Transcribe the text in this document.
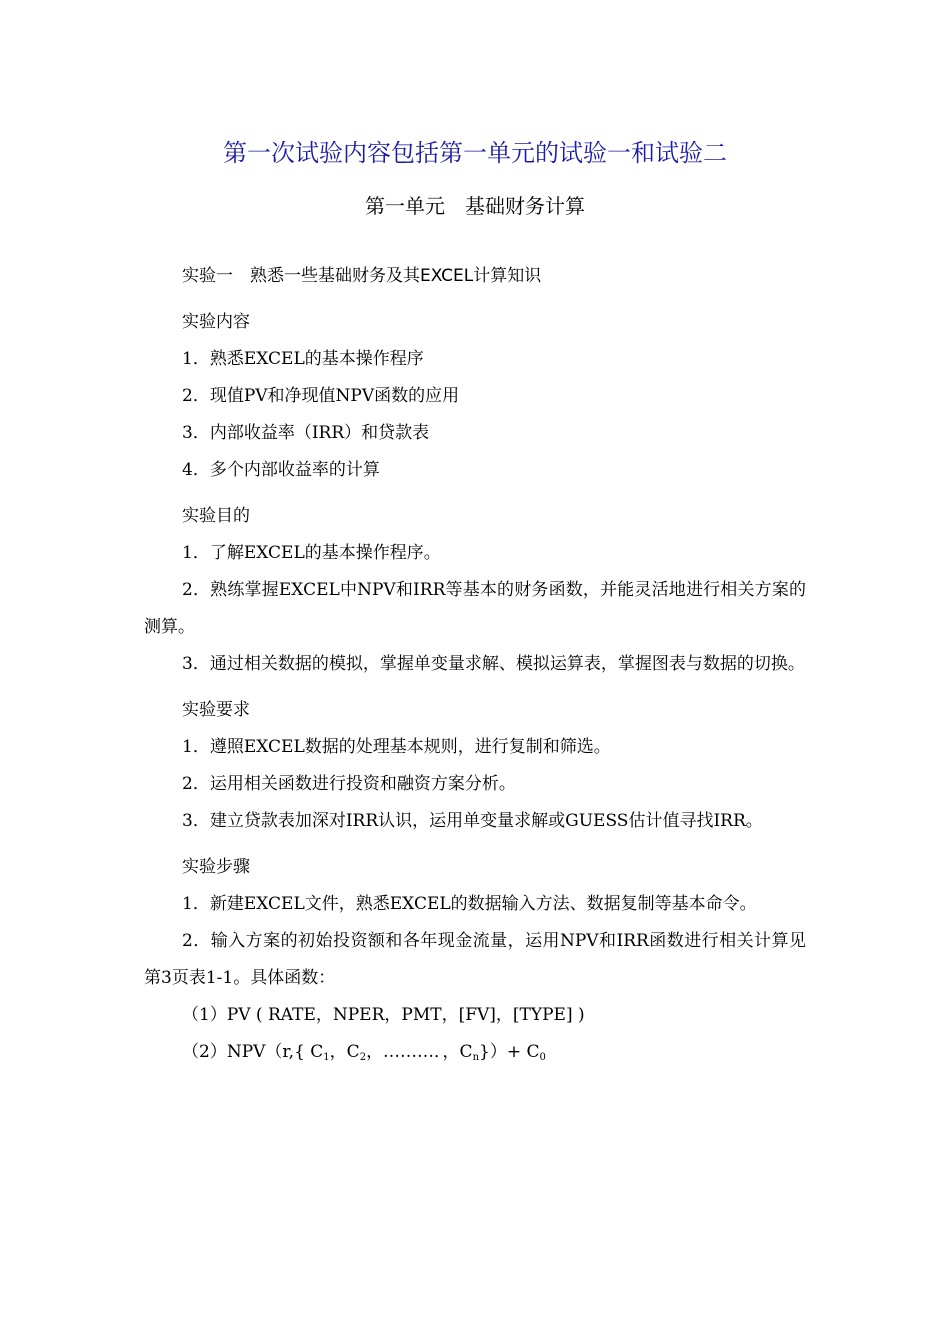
第一次试验内容包括第一单元的试验一和试验二
第一单元　基础财务计算
实验一　熟悉一些基础财务及其EXCEL计算知识
实验内容
1．熟悉EXCEL的基本操作程序
2．现值PV和净现值NPV函数的应用
3．内部收益率（IRR）和贷款表
4．多个内部收益率的计算
实验目的
1．了解EXCEL的基本操作程序。
2．熟练掌握EXCEL中NPV和IRR等基本的财务函数，并能灵活地进行相关方案的测算。
3．通过相关数据的模拟，掌握单变量求解、模拟运算表，掌握图表与数据的切换。
实验要求
1．遵照EXCEL数据的处理基本规则，进行复制和筛选。
2．运用相关函数进行投资和融资方案分析。
3．建立贷款表加深对IRR认识，运用单变量求解或GUESS估计值寻找IRR。
实验步骤
1．新建EXCEL文件，熟悉EXCEL的数据输入方法、数据复制等基本命令。
2．输入方案的初始投资额和各年现金流量，运用NPV和IRR函数进行相关计算见第3页表1-1。具体函数：
（1）PV ( RATE，NPER，PMT，[FV]，[TYPE] )
（2）NPV（r,{ $C_1$，$C_2$，………．，$C_n\})+ C_0$
